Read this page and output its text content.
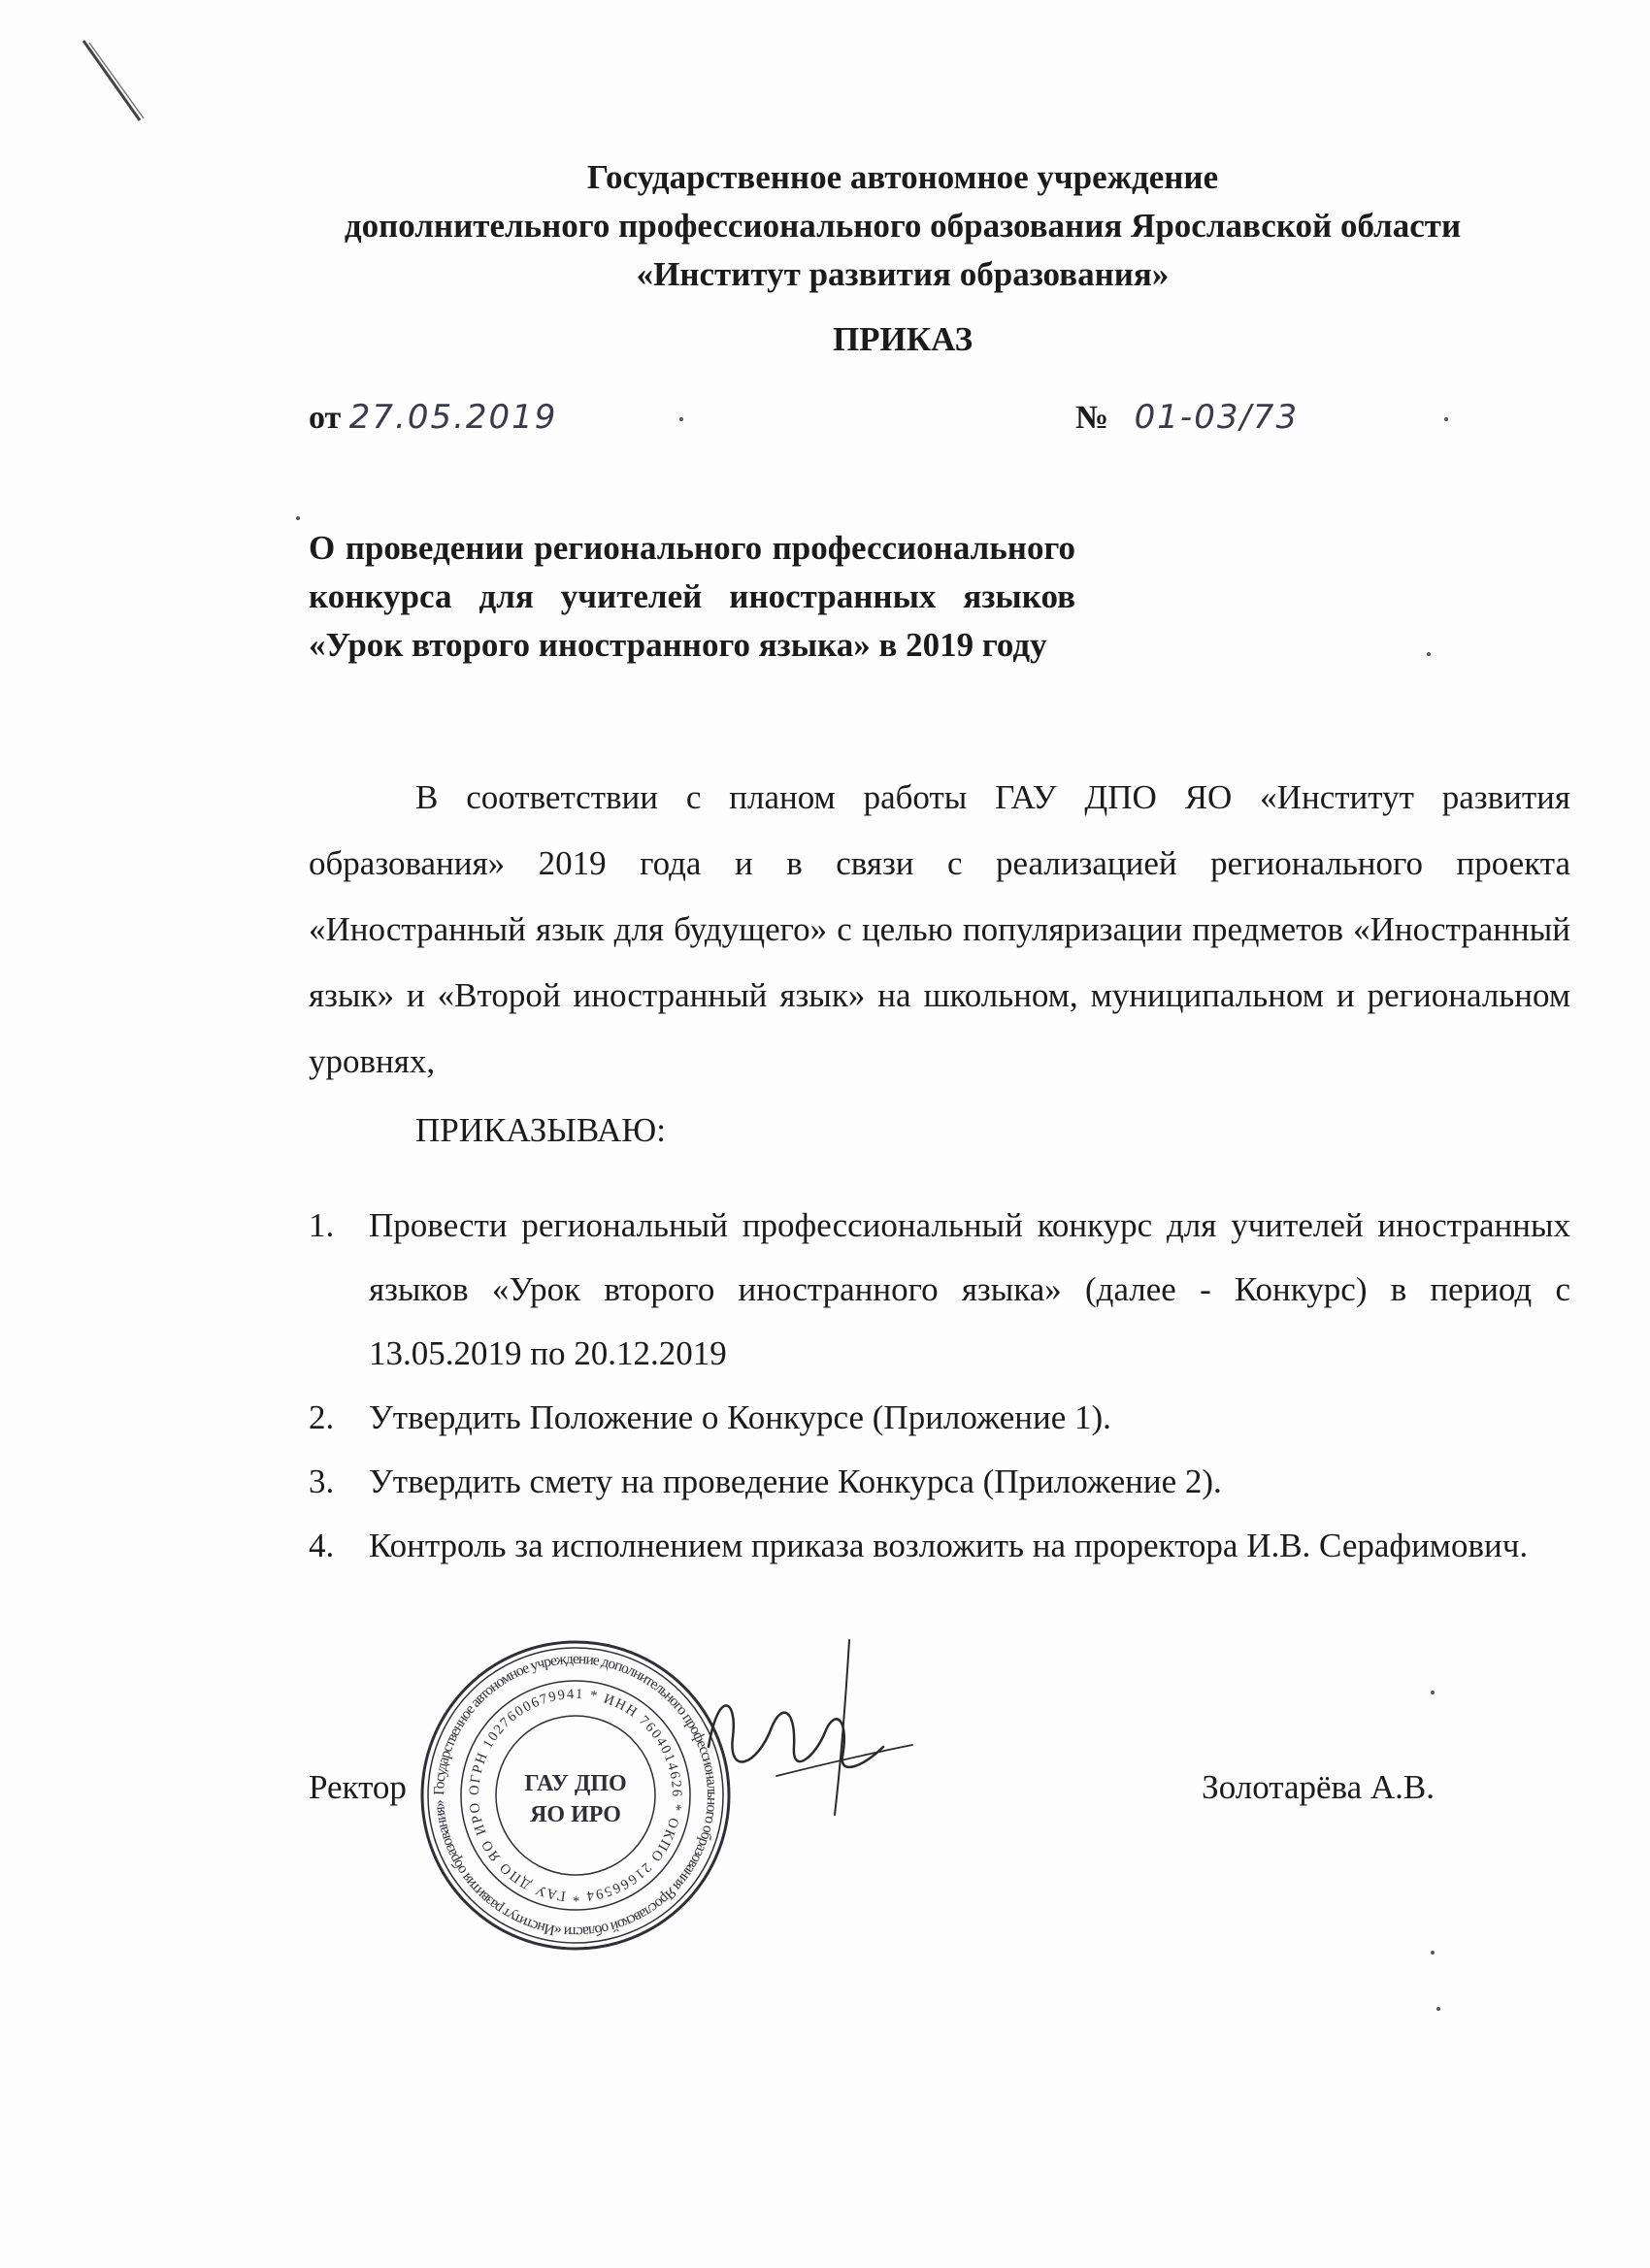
Государственное автономное учреждение
дополнительного профессионального образования Ярославской области
«Институт развития образования»
ПРИКАЗ
от 27.05.2019	№ 01-03/73
О проведении регионального профессионального конкурса для учителей иностранных языков «Урок второго иностранного языка» в 2019 году
В соответствии с планом работы ГАУ ДПО ЯО «Институт развития образования» 2019 года и в связи с реализацией регионального проекта «Иностранный язык для будущего» с целью популяризации предметов «Иностранный язык» и «Второй иностранный язык» на школьном, муниципальном и региональном уровнях,
ПРИКАЗЫВАЮ:
1. Провести региональный профессиональный конкурс для учителей иностранных языков «Урок второго иностранного языка» (далее - Конкурс) в период с 13.05.2019 по 20.12.2019
2. Утвердить Положение о Конкурсе (Приложение 1).
3. Утвердить смету на проведение Конкурса (Приложение 2).
4. Контроль за исполнением приказа возложить на проректора И.В. Серафимович.
Ректор	Золотарёва А.В.
Государственное автономное учреждение дополнительного профессионального образования Ярославской области «Институт развития образования»
ОГРН 1027600679941 * ИНН 7604014626 * ОКПО 21666594 * ГАУ ДПО ЯО ИРО
ГАУ ДПО
ЯО ИРО
